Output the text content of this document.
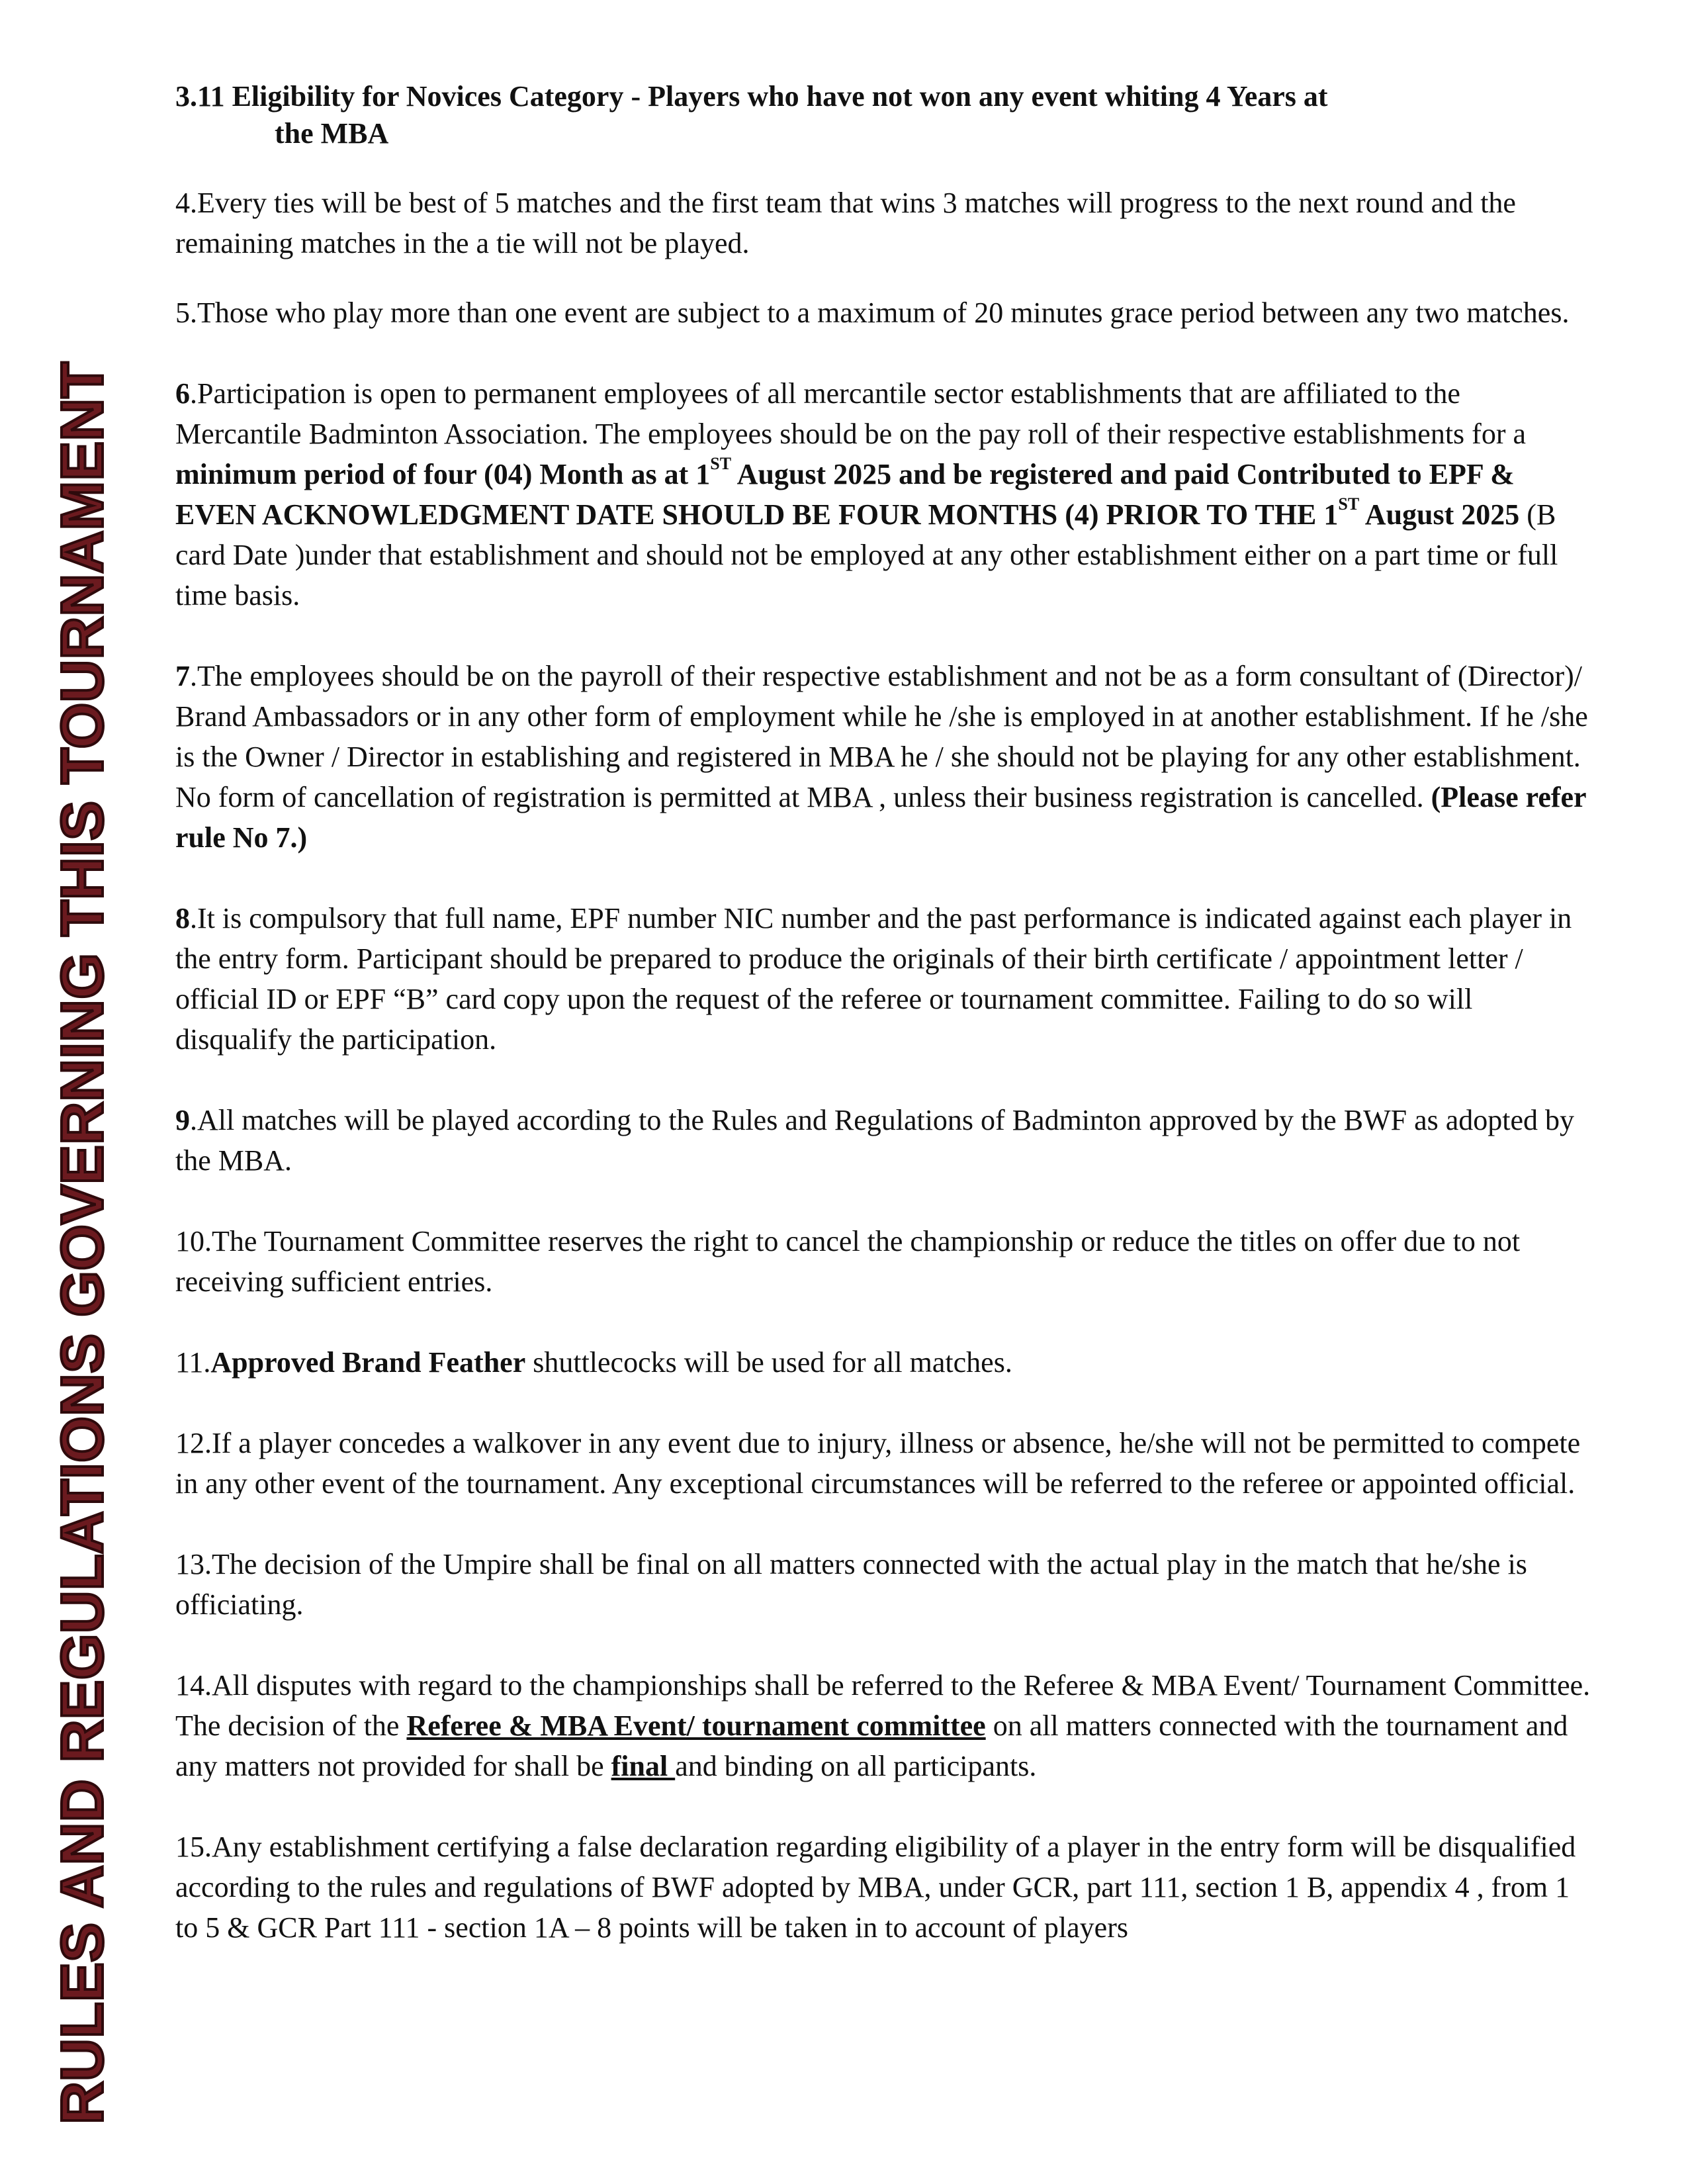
RULES AND REGULATIONS GOVERNING THIS TOURNAMENT
3.11 Eligibility for Novices Category - Players who have not won any event whiting 4 Years at
the MBA
4.Every ties will be best of 5 matches and the first team that wins 3 matches will progress to the next round and the remaining matches in the a tie will not be played.
5.Those who play more than one event are subject to a maximum of 20 minutes grace period between any two matches.
6.Participation is open to permanent employees of all mercantile sector establishments that are affiliated to the Mercantile Badminton Association. The employees should be on the pay roll of their respective establishments for a minimum period of four (04) Month as at 1ST August 2025 and be registered and paid Contributed to EPF & EVEN ACKNOWLEDGMENT DATE SHOULD BE FOUR MONTHS (4) PRIOR TO THE 1ST August 2025 (B card Date )under that establishment and should not be employed at any other establishment either on a part time or full time basis.
7.The employees should be on the payroll of their respective establishment and not be as a form consultant of (Director)/ Brand Ambassadors or in any other form of employment while he /she is employed in at another establishment. If he /she is the Owner / Director in establishing and registered in MBA he / she should not be playing for any other establishment. No form of cancellation of registration is permitted at MBA , unless their business registration is cancelled. (Please refer rule No 7.)
8.It is compulsory that full name, EPF number NIC number and the past performance is indicated against each player in the entry form. Participant should be prepared to produce the originals of their birth certificate / appointment letter / official ID or EPF “B” card copy upon the request of the referee or tournament committee. Failing to do so will disqualify the participation.
9.All matches will be played according to the Rules and Regulations of Badminton approved by the BWF as adopted by the MBA.
10.The Tournament Committee reserves the right to cancel the championship or reduce the titles on offer due to not receiving sufficient entries.
11.Approved Brand Feather shuttlecocks will be used for all matches.
12.If a player concedes a walkover in any event due to injury, illness or absence, he/she will not be permitted to compete in any other event of the tournament. Any exceptional circumstances will be referred to the referee or appointed official.
13.The decision of the Umpire shall be final on all matters connected with the actual play in the match that he/she is officiating.
14.All disputes with regard to the championships shall be referred to the Referee & MBA Event/ Tournament Committee. The decision of the Referee & MBA Event/ tournament committee on all matters connected with the tournament and any matters not provided for shall be final and binding on all participants.
15.Any establishment certifying a false declaration regarding eligibility of a player in the entry form will be disqualified according to the rules and regulations of BWF adopted by MBA, under GCR, part 111, section 1 B, appendix 4 , from 1 to 5 & GCR Part 111 - section 1A – 8 points will be taken in to account of players
